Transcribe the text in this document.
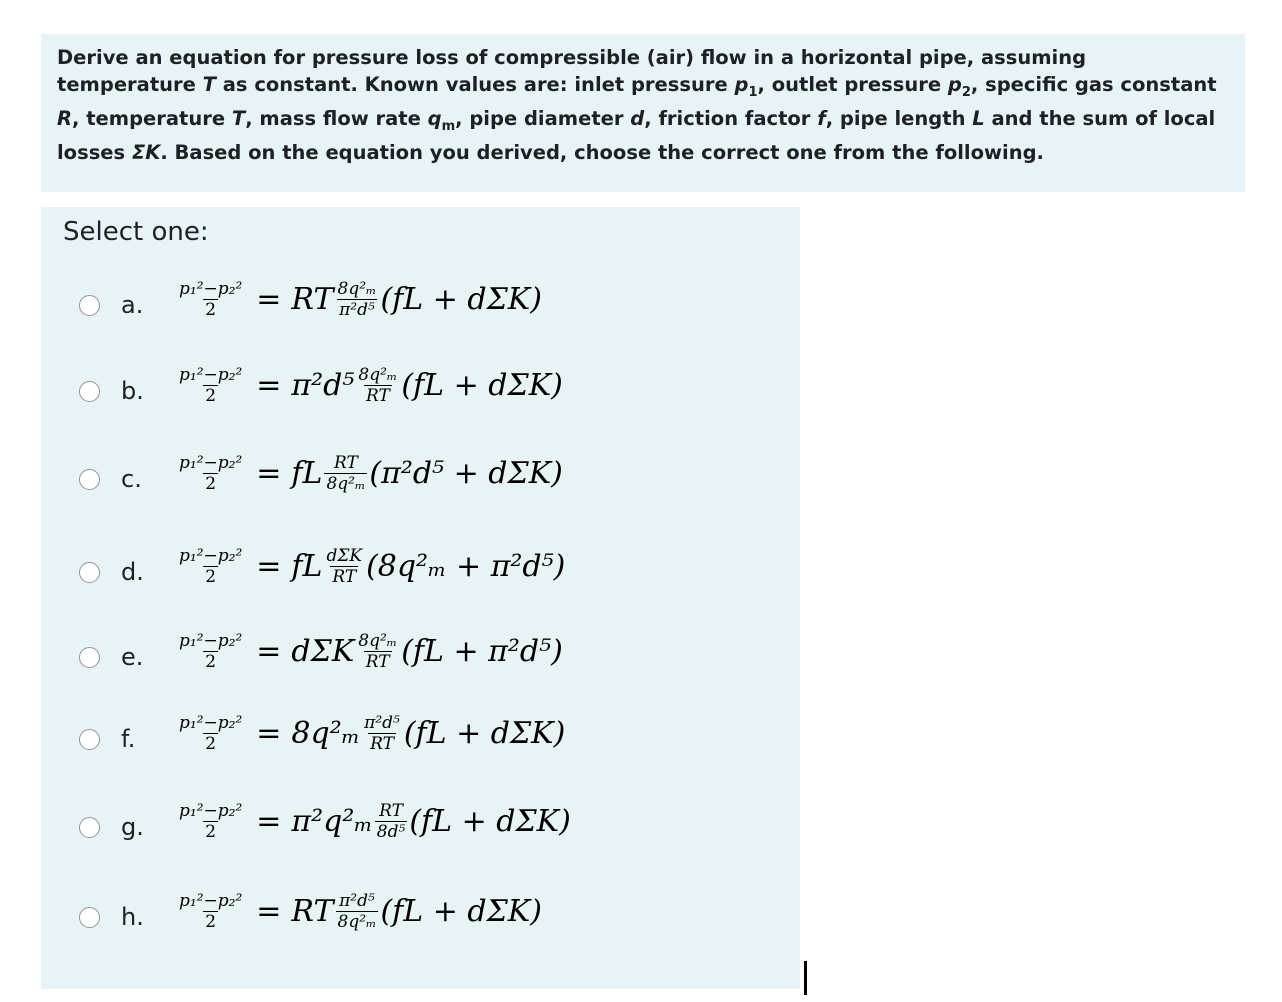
Derive an equation for pressure loss of compressible (air) flow in a horizontal pipe, assuming temperature T as constant. Known values are: inlet pressure $p_1$, outlet pressure $p_2$, specific gas constant R, temperature T, mass flow rate $q_m$, pipe diameter d, friction factor f, pipe length L and the sum of local losses ΣK. Based on the equation you derived, choose the correct one from the following.
Select one:
a. $\frac{\text{p₁²−p₂²}}{2}$ = RT $\frac{\text{8q²ₘ}}{\text{π²d⁵}} (fL + d\Sigma K)$
b. $\frac{\text{p₁²−p₂²}}{2} = \pi^2d^5 \frac{\text{8q²ₘ}}{RT} (fL + d\Sigma K)$
c. $\frac{\text{p₁²−p₂²}}{2}$ = fL $\frac{RT}{\text{8q²ₘ}} (\pi^2d^5 + d\Sigma K)$
d. $\frac{\text{p₁²−p₂²}}{2}$ = fL $\frac{\text{dΣK}}{RT} (8q^2_m + \pi^2d^5)$
e. $\frac{\text{p₁²−p₂²}}{2} = d\Sigma K \frac{\text{8q²ₘ}}{RT} (fL + \pi^2d^5)$
f. $\frac{\text{p₁²−p₂²}}{2} = 8q^2_m \frac{\text{π²d⁵}}{RT} (fL + d\Sigma K)$
g. $\frac{\text{p₁²−p₂²}}{2} = \pi^2q^2_m \frac{RT}{\text{8d⁵}} (fL + d\Sigma K)$
h. $\frac{\text{p₁²−p₂²}}{2}$ = RT $\frac{\text{π²d⁵}}{\text{8q²ₘ}} (fL + d\Sigma K)$
